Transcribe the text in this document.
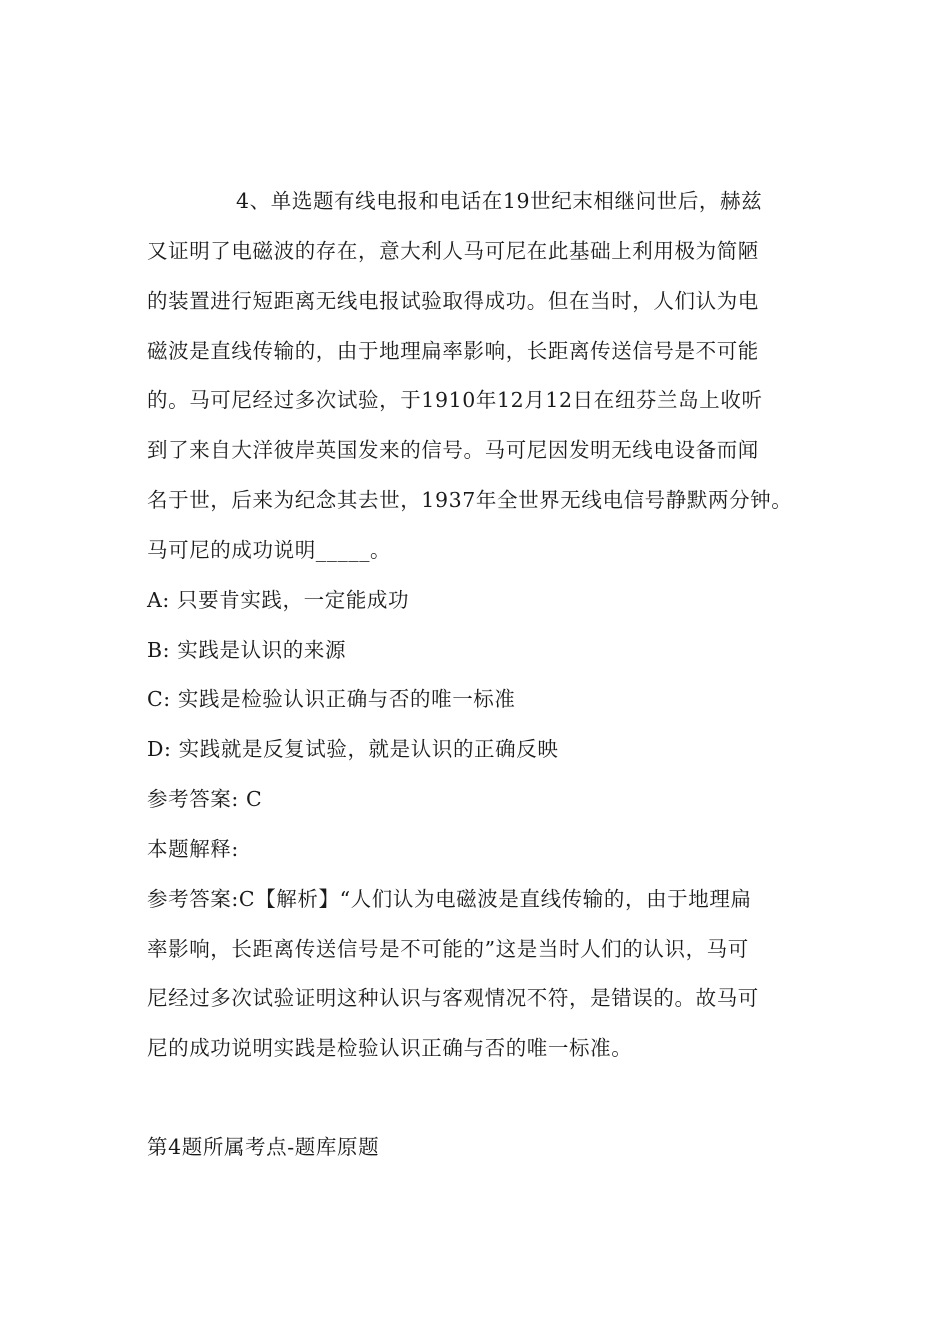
4、单选题有线电报和电话在19世纪末相继问世后，赫兹
又证明了电磁波的存在，意大利人马可尼在此基础上利用极为简陋
的装置进行短距离无线电报试验取得成功。但在当时，人们认为电
磁波是直线传输的，由于地理扁率影响，长距离传送信号是不可能
的。马可尼经过多次试验，于1910年12月12日在纽芬兰岛上收听
到了来自大洋彼岸英国发来的信号。马可尼因发明无线电设备而闻
名于世，后来为纪念其去世，1937年全世界无线电信号静默两分钟。
马可尼的成功说明_____。
A: 只要肯实践，一定能成功
B: 实践是认识的来源
C: 实践是检验认识正确与否的唯一标准
D: 实践就是反复试验，就是认识的正确反映
参考答案: C
本题解释:
参考答案:C【解析】“人们认为电磁波是直线传输的，由于地理扁
率影响，长距离传送信号是不可能的”这是当时人们的认识，马可
尼经过多次试验证明这种认识与客观情况不符，是错误的。故马可
尼的成功说明实践是检验认识正确与否的唯一标准。
第4题所属考点-题库原题
